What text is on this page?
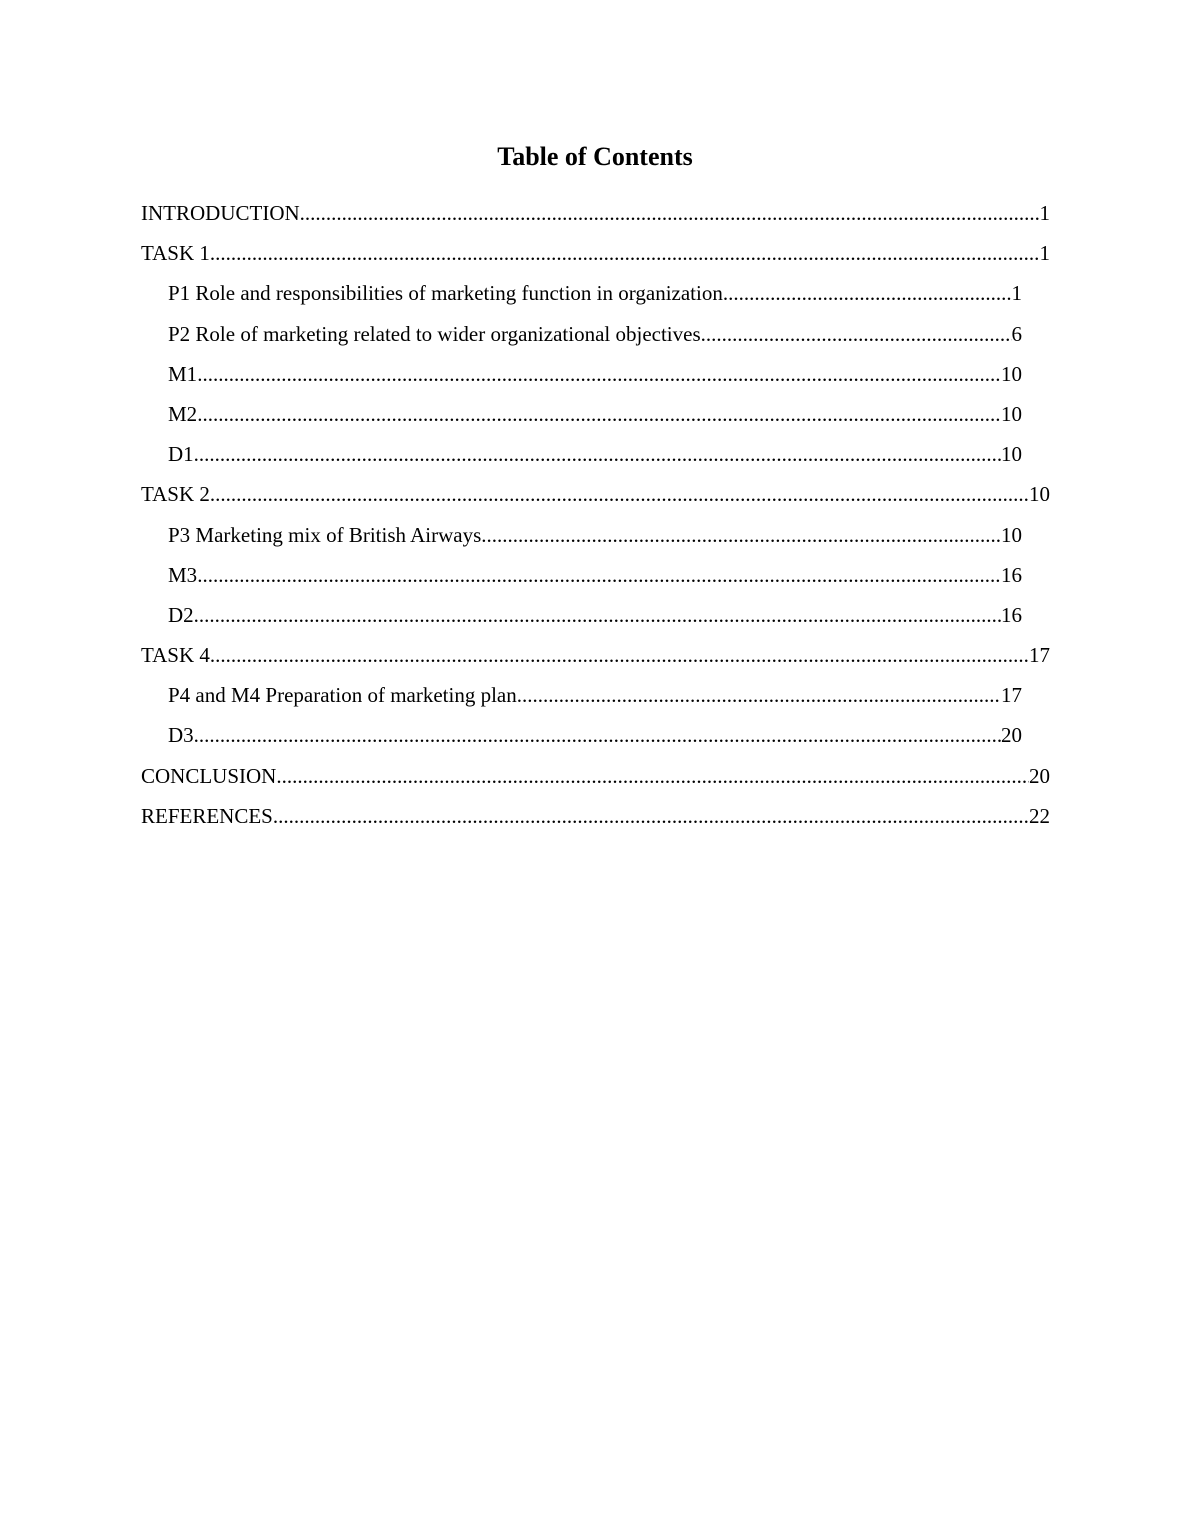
Table of Contents
INTRODUCTION .....	1
TASK 1 .....	1
P1 Role and responsibilities of marketing function in organization .....	1
P2 Role of marketing related to wider organizational objectives .....	6
M1 .....	10
M2 .....	10
D1 .....	10
TASK 2 .....	10
P3 Marketing mix of British Airways .....	10
M3 .....	16
D2 .....	16
TASK 4 .....	17
P4 and M4 Preparation of marketing plan .....	17
D3 .....	20
CONCLUSION .....	20
REFERENCES .....	22
